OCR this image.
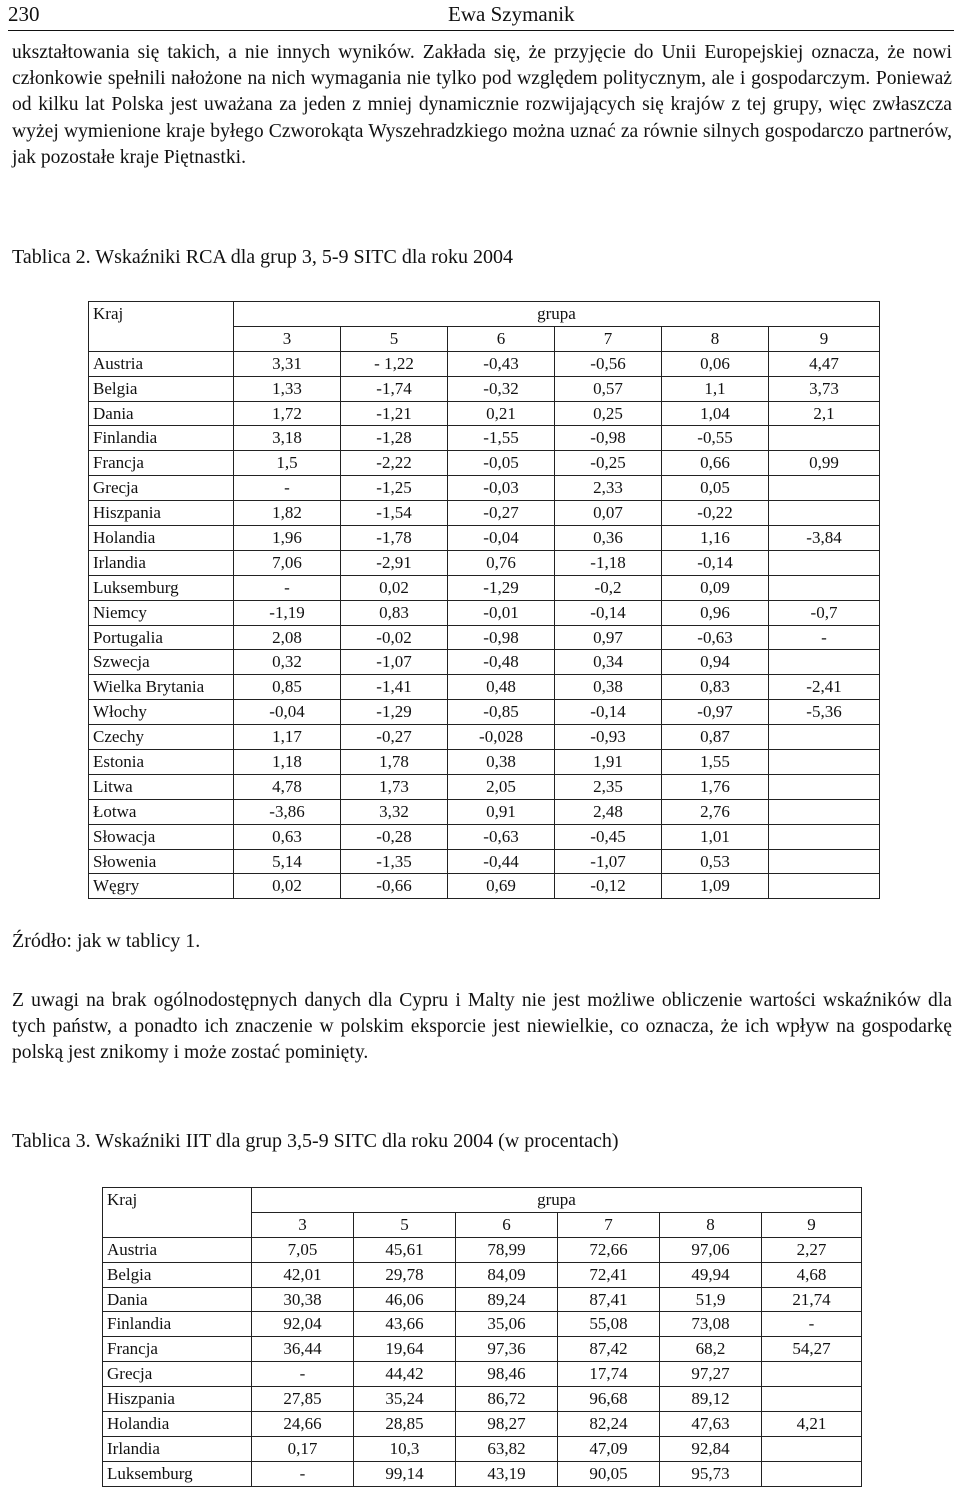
230	Ewa Szymanik

ukształtowania się takich, a nie innych wyników. Zakłada się, że przyjęcie do Unii Europejskiej oznacza, że nowi członkowie spełnili nałożone na nich wymagania nie tylko pod względem politycznym, ale i gospodarczym. Ponieważ od kilku lat Polska jest uważana za jeden z mniej dynamicznie rozwijających się krajów z tej grupy, więc zwłaszcza wyżej wymienione kraje byłego Czworokąta Wyszehradzkiego można uznać za równie silnych gospodarczo partnerów, jak pozostałe kraje Piętnastki.

Tablica 2. Wskaźniki RCA dla grup 3, 5-9 SITC dla roku 2004

Kraj	grupa					
	3	5	6	7	8	9
Austria	3,31	- 1,22	-0,43	-0,56	0,06	4,47
Belgia	1,33	-1,74	-0,32	0,57	1,1	3,73
Dania	1,72	-1,21	0,21	0,25	1,04	2,1
Finlandia	3,18	-1,28	-1,55	-0,98	-0,55	
Francja	1,5	-2,22	-0,05	-0,25	0,66	0,99
Grecja	-	-1,25	-0,03	2,33	0,05	
Hiszpania	1,82	-1,54	-0,27	0,07	-0,22	
Holandia	1,96	-1,78	-0,04	0,36	1,16	-3,84
Irlandia	7,06	-2,91	0,76	-1,18	-0,14	
Luksemburg	-	0,02	-1,29	-0,2	0,09	
Niemcy	-1,19	0,83	-0,01	-0,14	0,96	-0,7
Portugalia	2,08	-0,02	-0,98	0,97	-0,63	-
Szwecja	0,32	-1,07	-0,48	0,34	0,94	
Wielka Brytania	0,85	-1,41	0,48	0,38	0,83	-2,41
Włochy	-0,04	-1,29	-0,85	-0,14	-0,97	-5,36
Czechy	1,17	-0,27	-0,028	-0,93	0,87	
Estonia	1,18	1,78	0,38	1,91	1,55	
Litwa	4,78	1,73	2,05	2,35	1,76	
Łotwa	-3,86	3,32	0,91	2,48	2,76	
Słowacja	0,63	-0,28	-0,63	-0,45	1,01	
Słowenia	5,14	-1,35	-0,44	-1,07	0,53	
Węgry	0,02	-0,66	0,69	-0,12	1,09	

Źródło: jak w tablicy 1.

Z uwagi na brak ogólnodostępnych danych dla Cypru i Malty nie jest możliwe obliczenie wartości wskaźników dla tych państw, a ponadto ich znaczenie w polskim eksporcie jest niewielkie, co oznacza, że ich wpływ na gospodarkę polską jest znikomy i może zostać pominięty.

Tablica 3. Wskaźniki IIT dla grup 3,5-9 SITC dla roku 2004 (w procentach)

Kraj	grupa					
	3	5	6	7	8	9
Austria	7,05	45,61	78,99	72,66	97,06	2,27
Belgia	42,01	29,78	84,09	72,41	49,94	4,68
Dania	30,38	46,06	89,24	87,41	51,9	21,74
Finlandia	92,04	43,66	35,06	55,08	73,08	-
Francja	36,44	19,64	97,36	87,42	68,2	54,27
Grecja	-	44,42	98,46	17,74	97,27	
Hiszpania	27,85	35,24	86,72	96,68	89,12	
Holandia	24,66	28,85	98,27	82,24	47,63	4,21
Irlandia	0,17	10,3	63,82	47,09	92,84	
Luksemburg	-	99,14	43,19	90,05	95,73	
